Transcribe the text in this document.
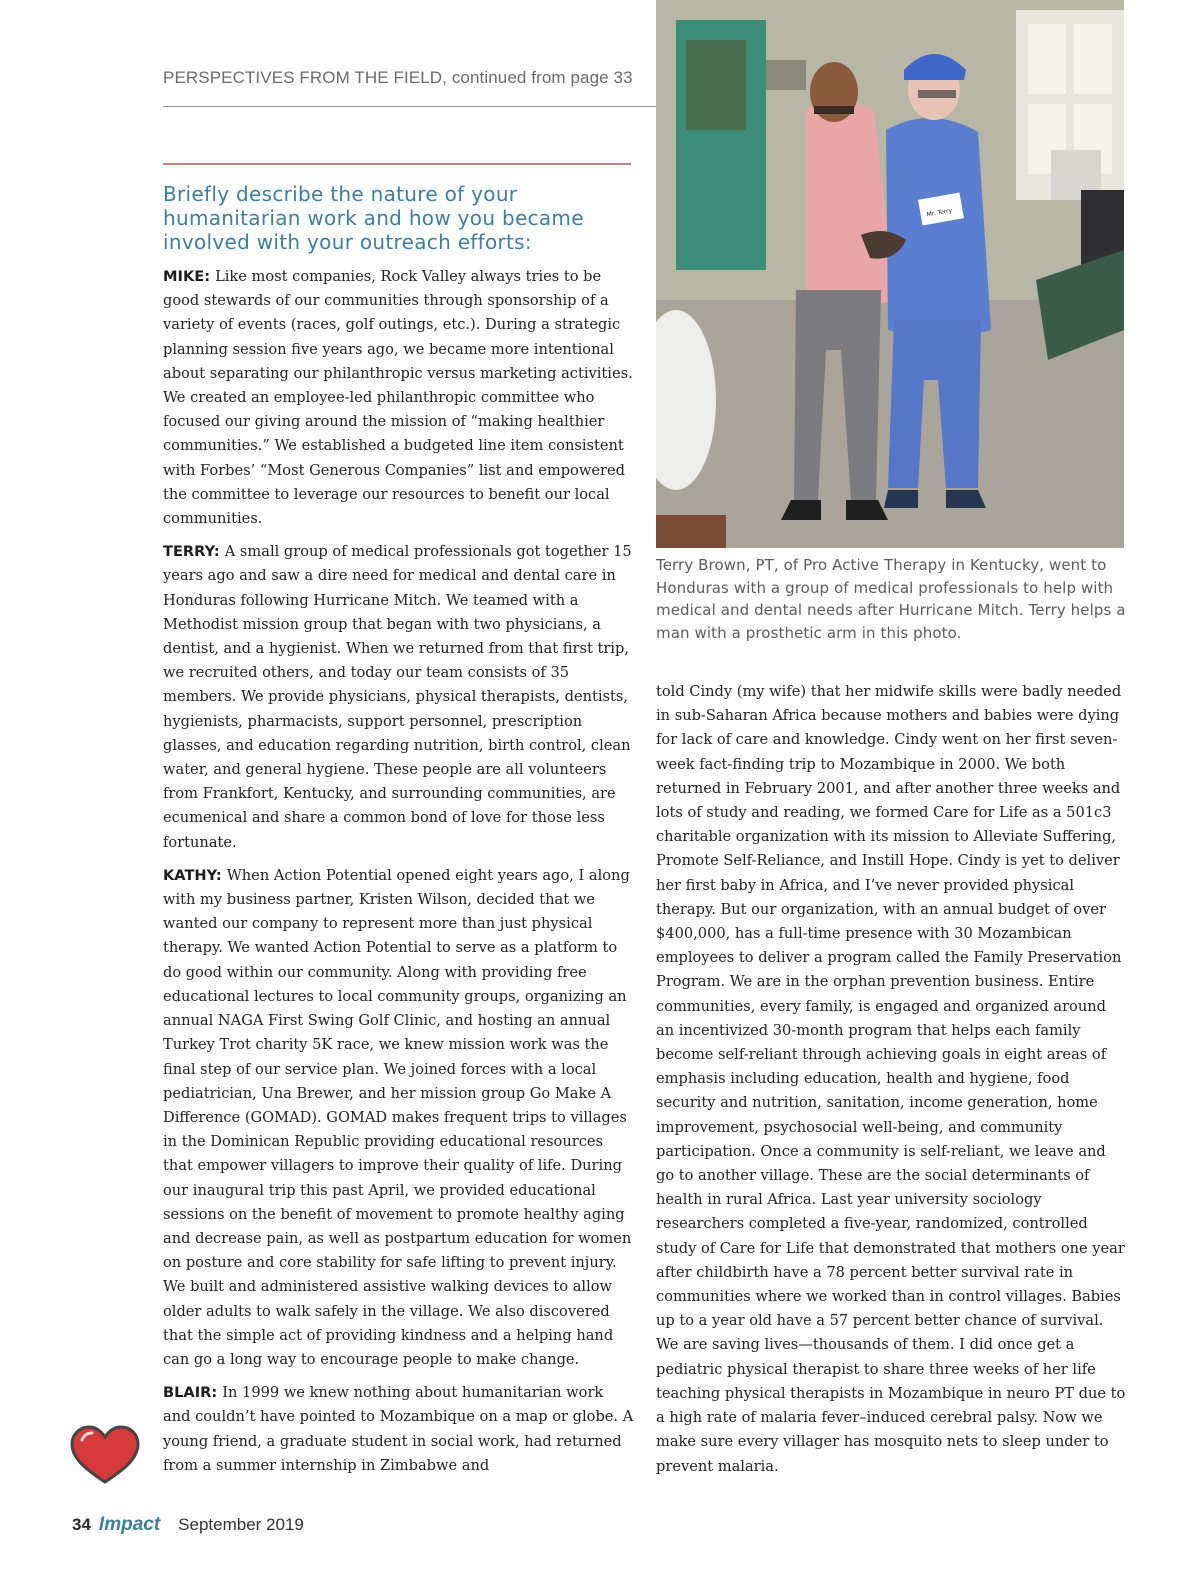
PERSPECTIVES FROM THE FIELD, continued from page 33
Briefly describe the nature of your humanitarian work and how you became involved with your outreach efforts:

MIKE: Like most companies, Rock Valley always tries to be good stewards of our communities through sponsorship of a variety of events (races, golf outings, etc.). During a strategic planning session five years ago, we became more intentional about separating our philanthropic versus marketing activities. We created an employee-led philanthropic committee who focused our giving around the mission of “making healthier communities.” We established a budgeted line item consistent with Forbes’ “Most Generous Companies” list and empowered the committee to leverage our resources to benefit our local communities.

TERRY: A small group of medical professionals got together 15 years ago and saw a dire need for medical and dental care in Honduras following Hurricane Mitch. We teamed with a Methodist mission group that began with two physicians, a dentist, and a hygienist. When we returned from that first trip, we recruited others, and today our team consists of 35 members. We provide physicians, physical therapists, dentists, hygienists, pharmacists, support personnel, prescription glasses, and education regarding nutrition, birth control, clean water, and general hygiene. These people are all volunteers from Frankfort, Kentucky, and surrounding communities, are ecumenical and share a common bond of love for those less fortunate.

KATHY: When Action Potential opened eight years ago, I along with my business partner, Kristen Wilson, decided that we wanted our company to represent more than just physical therapy. We wanted Action Potential to serve as a platform to do good within our community. Along with providing free educational lectures to local community groups, organizing an annual NAGA First Swing Golf Clinic, and hosting an annual Turkey Trot charity 5K race, we knew mission work was the final step of our service plan. We joined forces with a local pediatrician, Una Brewer, and her mission group Go Make A Difference (GOMAD). GOMAD makes frequent trips to villages in the Dominican Republic providing educational resources that empower villagers to improve their quality of life. During our inaugural trip this past April, we provided educational sessions on the benefit of movement to promote healthy aging and decrease pain, as well as postpartum education for women on posture and core stability for safe lifting to prevent injury. We built and administered assistive walking devices to allow older adults to walk safely in the village. We also discovered that the simple act of providing kindness and a helping hand can go a long way to encourage people to make change.

BLAIR: In 1999 we knew nothing about humanitarian work and couldn’t have pointed to Mozambique on a map or globe. A young friend, a graduate student in social work, had returned from a summer internship in Zimbabwe and

Mr. Terry

Terry Brown, PT, of Pro Active Therapy in Kentucky, went to Honduras with a group of medical professionals to help with medical and dental needs after Hurricane Mitch. Terry helps a man with a prosthetic arm in this photo.

told Cindy (my wife) that her midwife skills were badly needed in sub-Saharan Africa because mothers and babies were dying for lack of care and knowledge. Cindy went on her first seven-week fact-finding trip to Mozambique in 2000. We both returned in February 2001, and after another three weeks and lots of study and reading, we formed Care for Life as a 501c3 charitable organization with its mission to Alleviate Suffering, Promote Self-Reliance, and Instill Hope. Cindy is yet to deliver her first baby in Africa, and I’ve never provided physical therapy. But our organization, with an annual budget of over $400,000, has a full-time presence with 30 Mozambican employees to deliver a program called the Family Preservation Program. We are in the orphan prevention business. Entire communities, every family, is engaged and organized around an incentivized 30-month program that helps each family become self-reliant through achieving goals in eight areas of emphasis including education, health and hygiene, food security and nutrition, sanitation, income generation, home improvement, psychosocial well-being, and community participation. Once a community is self-reliant, we leave and go to another village. These are the social determinants of health in rural Africa. Last year university sociology researchers completed a five-year, randomized, controlled study of Care for Life that demonstrated that mothers one year after childbirth have a 78 percent better survival rate in communities where we worked than in control villages. Babies up to a year old have a 57 percent better chance of survival. We are saving lives—thousands of them. I did once get a pediatric physical therapist to share three weeks of her life teaching physical therapists in Mozambique in neuro PT due to a high rate of malaria fever–induced cerebral palsy. Now we make sure every villager has mosquito nets to sleep under to prevent malaria.

34 Impact September 2019
